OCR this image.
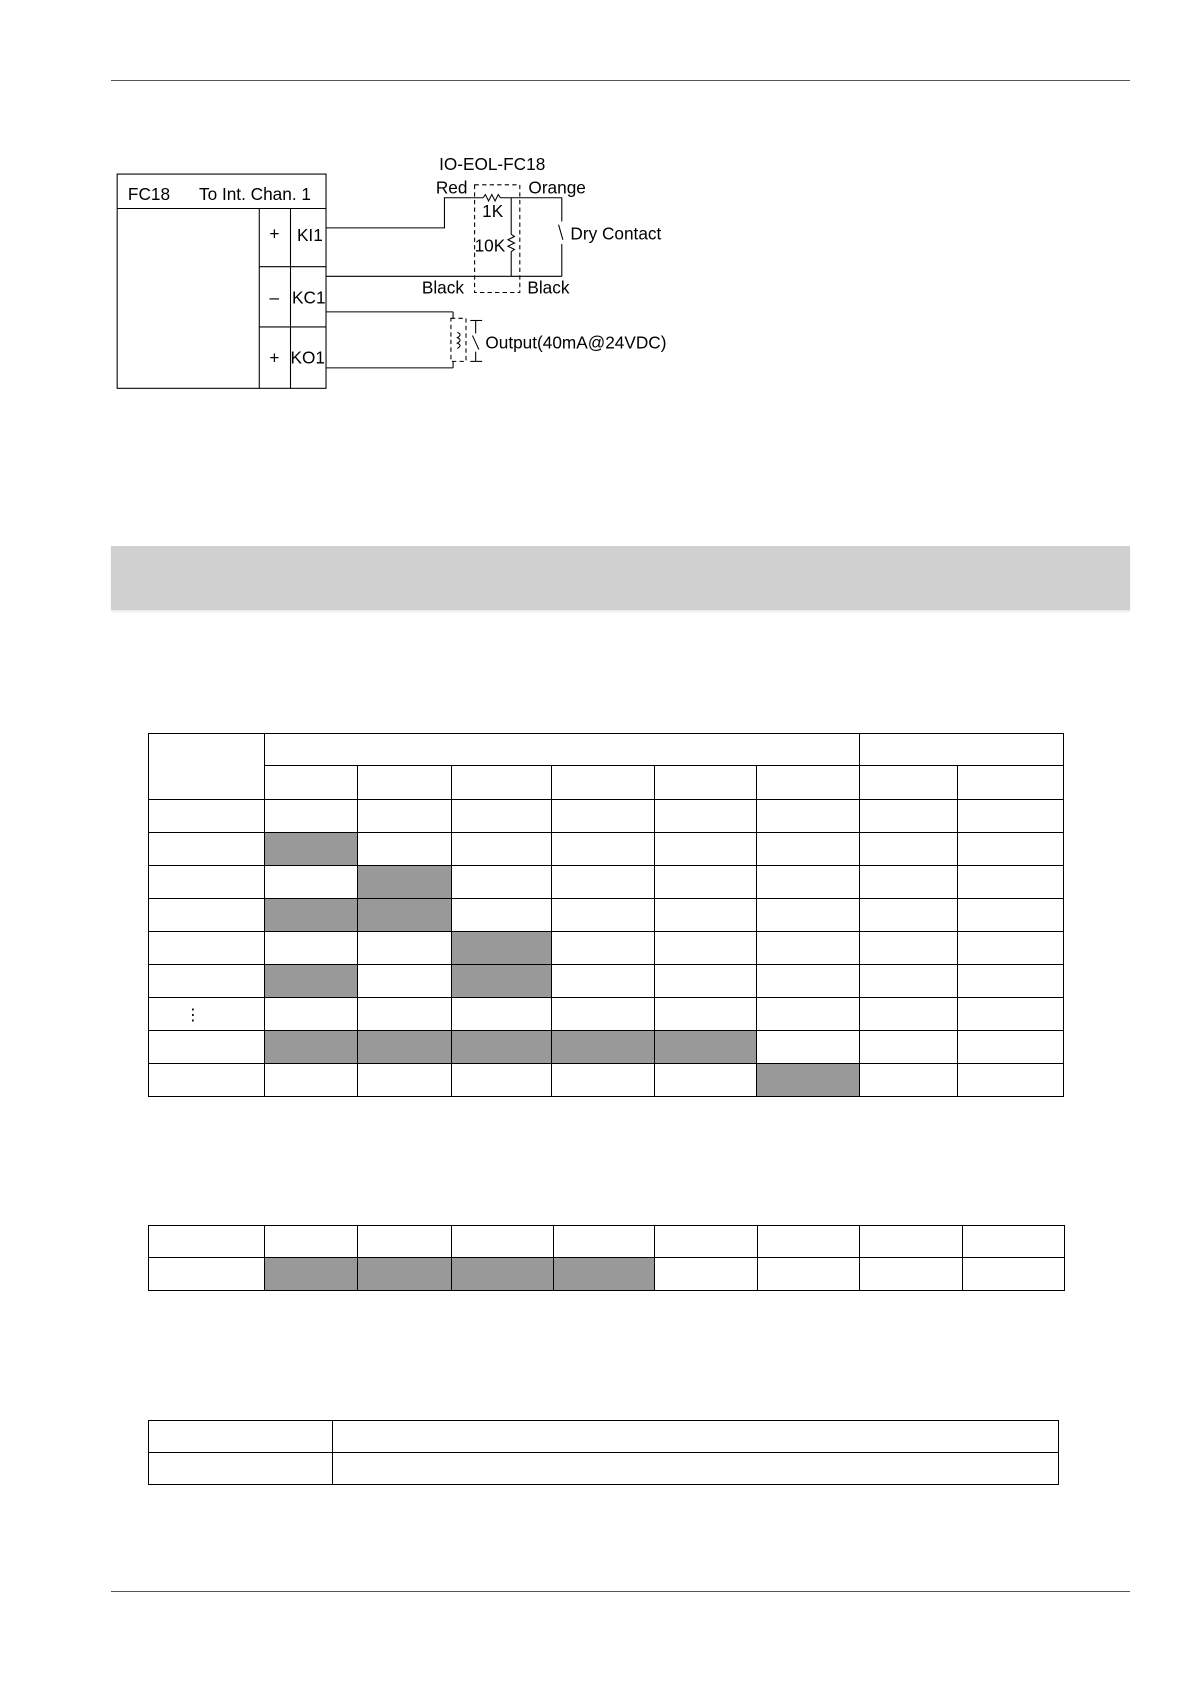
FC18 To Int. Chan. 1
+ KI1
– KC1
+ KO1
IO-EOL-FC18
Red	Orange
1K
10K
Dry Contact
Black	Black
Output(40mA@24VDC)

⋮								
